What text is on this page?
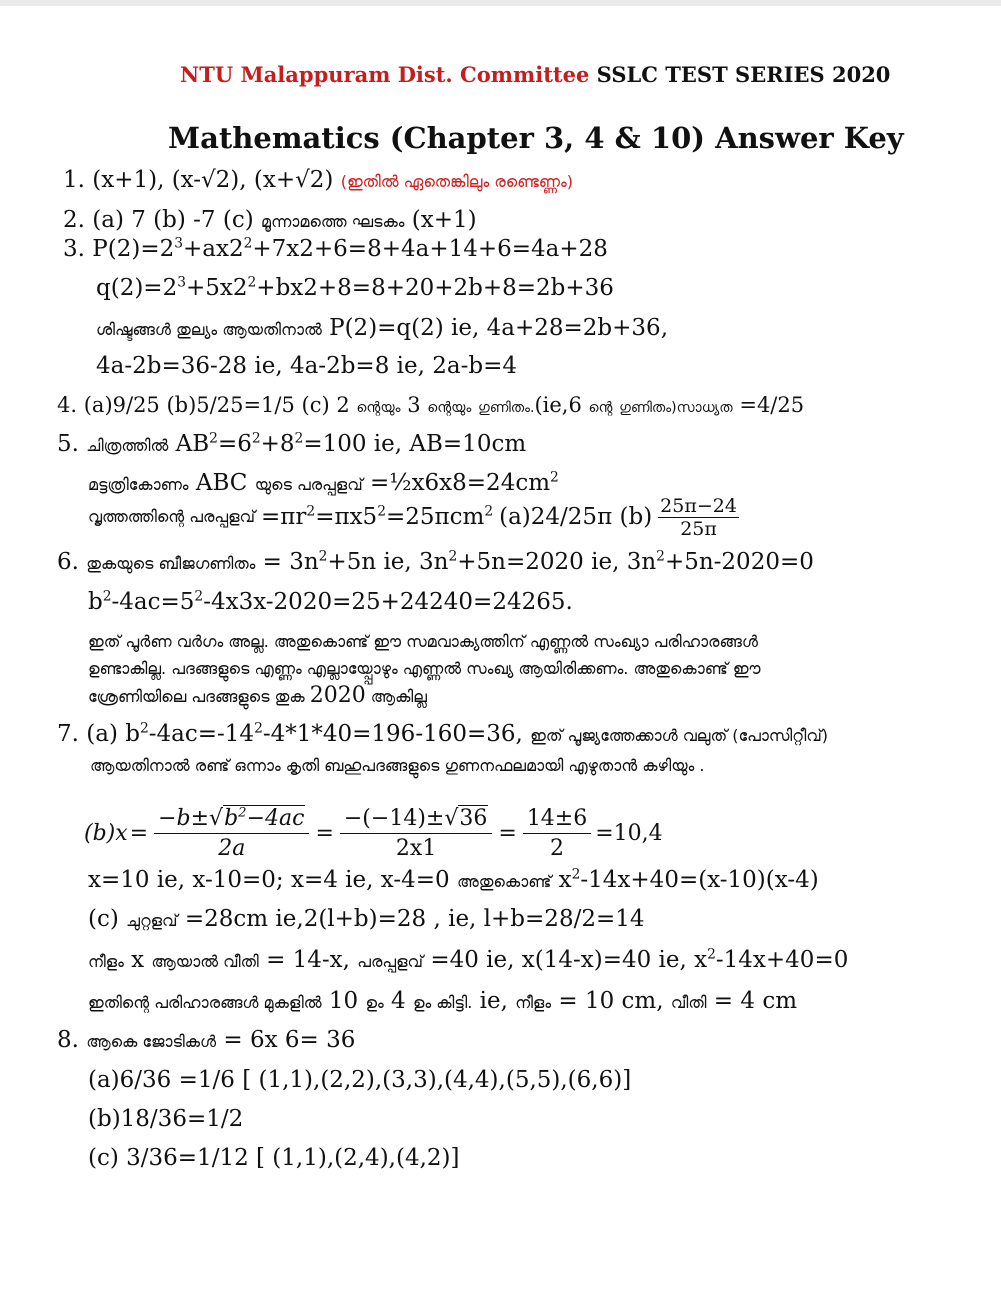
NTU Malappuram Dist. Committee SSLC TEST SERIES 2020
Mathematics (Chapter 3, 4 & 10) Answer Key
1. (x+1), (x-√2), (x+√2) (ഇതിൽ ഏതെങ്കിലും രണ്ടെണ്ണം)
2. (a) 7 (b) -7 (c) മൂന്നാമത്തെ ഘടകം (x+1)
3. $P(2)=2^3+ax2^2+7x2+6=8+4a+14+6=4a+28$
$q(2)=2^3+5x2^2+bx2+8=8+20+2b+8=2b+36$
ശിഷ്ടങ്ങൾ തുല്യം ആയതിനാൽ P(2)=q(2) ie, 4a+28=2b+36,
4a-2b=36-28 ie, 4a-2b=8 ie, 2a-b=4
4. (a)9/25 (b)5/25=1/5 (c) 2 ന്റെയും 3 ന്റെയും ഗുണിതം.(ie,6 ന്റെ ഗുണിതം)സാധ്യത =4/25
5. ചിത്രത്തിൽ $AB^2=6^2+8^2=100$ ie, AB=10cm
മട്ടത്രികോണം ABC യുടെ പരപ്പളവ് $=\frac{1}{2}x6x8=24cm^2$
വൃത്തത്തിന്റെ പരപ്പളവ് $=\pi r^2=\pi x5^2=25\pi cm^2$ (a)24/25π $(b) \frac{25\pi-24}{25\pi}$
6. തുകയുടെ ബീജഗണിതം = $3n^2+5n$ ie, $3n^2+5n=2020$ ie, $3n^2+5n-2020=0$
$b^2-4ac=5^2-4x3x-2020=25+24240=24265$.
ഇത് പൂർണ വർഗം അല്ല. അതുകൊണ്ട് ഈ സമവാക്യത്തിന് എണ്ണൽ സംഖ്യാ പരിഹാരങ്ങൾ
ഉണ്ടാകില്ല. പദങ്ങളുടെ എണ്ണം എല്ലായ്പ്പോഴും എണ്ണൽ സംഖ്യ ആയിരിക്കണം. അതുകൊണ്ട് ഈ
ശ്രേണിയിലെ പദങ്ങളുടെ തുക 2020 ആകില്ല
7. (a) $b^2-4ac=-14^2-4*1*40=196-160=36$, ഇത് പൂജ്യത്തേക്കാൾ വലുത് (പോസിറ്റീവ്)
ആയതിനാൽ രണ്ട് ഒന്നാം കൃതി ബഹുപദങ്ങളുടെ ഗുണനഫലമായി എഴുതാൻ കഴിയും .
$(b)x = \frac{-b\pm√b^2-4ac}{2a} = \frac{-(-14)\pm√36}{2x1} = \frac{14\pm 6}{2} =10,4$
x=10 ie, x-10=0; x=4 ie, x-4=0 അതുകൊണ്ട് $x^2-14x+40=(x-10)(x-4)$
(c) ചുറ്റളവ് =28cm ie,2(l+b)=28 , ie, l+b=28/2=14
നീളം x ആയാൽ വീതി = 14-x, പരപ്പളവ് =40 ie, x(14-x)=40 ie, $x^2-14x+40=0$
ഇതിന്റെ പരിഹാരങ്ങൾ മുകളിൽ 10 ഉം 4 ഉം കിട്ടി. ie, നീളം = 10 cm, വീതി = 4 cm
8. ആകെ ജോടികൾ = 6x 6= 36
(a)6/36 =1/6 [ (1,1),(2,2),(3,3),(4,4),(5,5),(6,6)]
(b)18/36=1/2
(c) 3/36=1/12 [ (1,1),(2,4),(4,2)]
